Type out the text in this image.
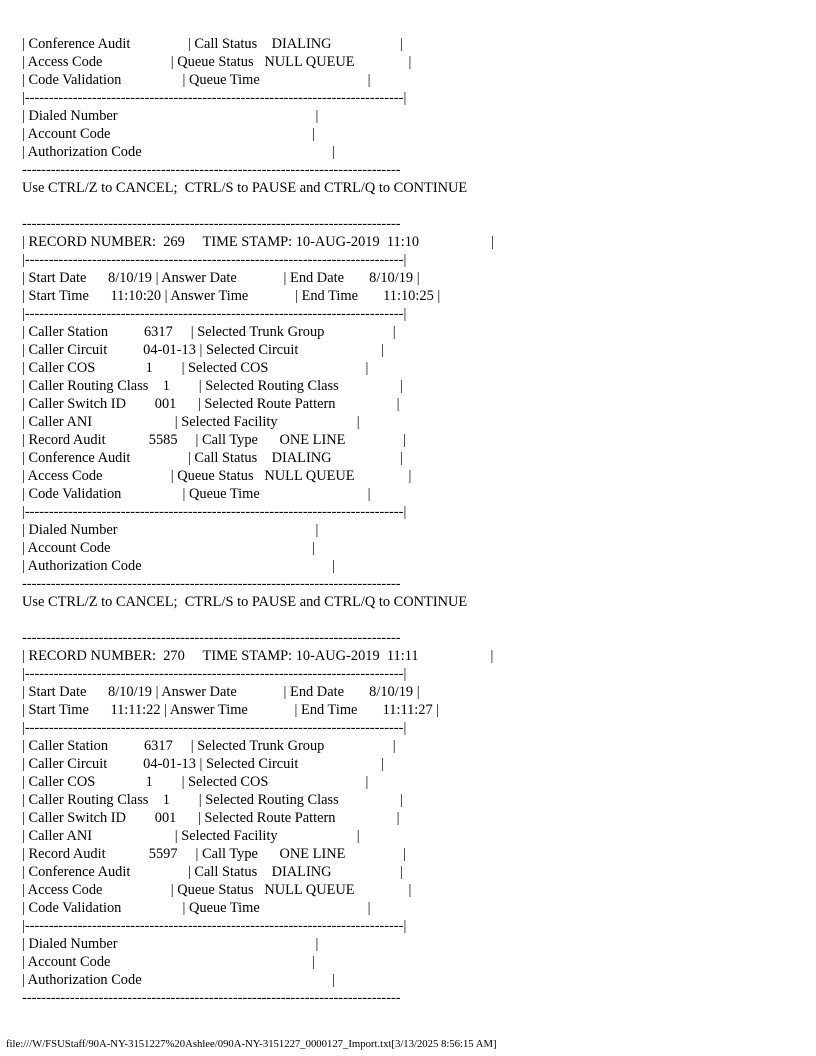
| Conference Audit                | Call Status    DIALING                   |
| Access Code                   | Queue Status   NULL QUEUE               |
| Code Validation                 | Queue Time                              |
|-------------------------------------------------------------------------------|
| Dialed Number                                                       |
| Account Code                                                        |
| Authorization Code                                                     |
-------------------------------------------------------------------------------
Use CTRL/Z to CANCEL;  CTRL/S to PAUSE and CTRL/Q to CONTINUE
-------------------------------------------------------------------------------
| RECORD NUMBER:  269     TIME STAMP: 10-AUG-2019  11:10                    |
|-------------------------------------------------------------------------------|
| Start Date      8/10/19 | Answer Date             | End Date       8/10/19 |
| Start Time      11:10:20 | Answer Time             | End Time       11:10:25 |
|-------------------------------------------------------------------------------|
| Caller Station          6317     | Selected Trunk Group                   |
| Caller Circuit          04-01-13 | Selected Circuit                       |
| Caller COS              1        | Selected COS                           |
| Caller Routing Class    1        | Selected Routing Class                 |
| Caller Switch ID        001      | Selected Route Pattern                 |
| Caller ANI                       | Selected Facility                      |
| Record Audit            5585     | Call Type      ONE LINE                |
| Conference Audit                | Call Status    DIALING                   |
| Access Code                   | Queue Status   NULL QUEUE               |
| Code Validation                 | Queue Time                              |
|-------------------------------------------------------------------------------|
| Dialed Number                                                       |
| Account Code                                                        |
| Authorization Code                                                     |
-------------------------------------------------------------------------------
Use CTRL/Z to CANCEL;  CTRL/S to PAUSE and CTRL/Q to CONTINUE
-------------------------------------------------------------------------------
| RECORD NUMBER:  270     TIME STAMP: 10-AUG-2019  11:11                    |
|-------------------------------------------------------------------------------|
| Start Date      8/10/19 | Answer Date             | End Date       8/10/19 |
| Start Time      11:11:22 | Answer Time             | End Time       11:11:27 |
|-------------------------------------------------------------------------------|
| Caller Station          6317     | Selected Trunk Group                   |
| Caller Circuit          04-01-13 | Selected Circuit                       |
| Caller COS              1        | Selected COS                           |
| Caller Routing Class    1        | Selected Routing Class                 |
| Caller Switch ID        001      | Selected Route Pattern                 |
| Caller ANI                       | Selected Facility                      |
| Record Audit            5597     | Call Type      ONE LINE                |
| Conference Audit                | Call Status    DIALING                   |
| Access Code                   | Queue Status   NULL QUEUE               |
| Code Validation                 | Queue Time                              |
|-------------------------------------------------------------------------------|
| Dialed Number                                                       |
| Account Code                                                        |
| Authorization Code                                                     |
-------------------------------------------------------------------------------
file:///W/FSUStaff/90A-NY-3151227%20Ashlee/090A-NY-3151227_0000127_Import.txt[3/13/2025 8:56:15 AM]
